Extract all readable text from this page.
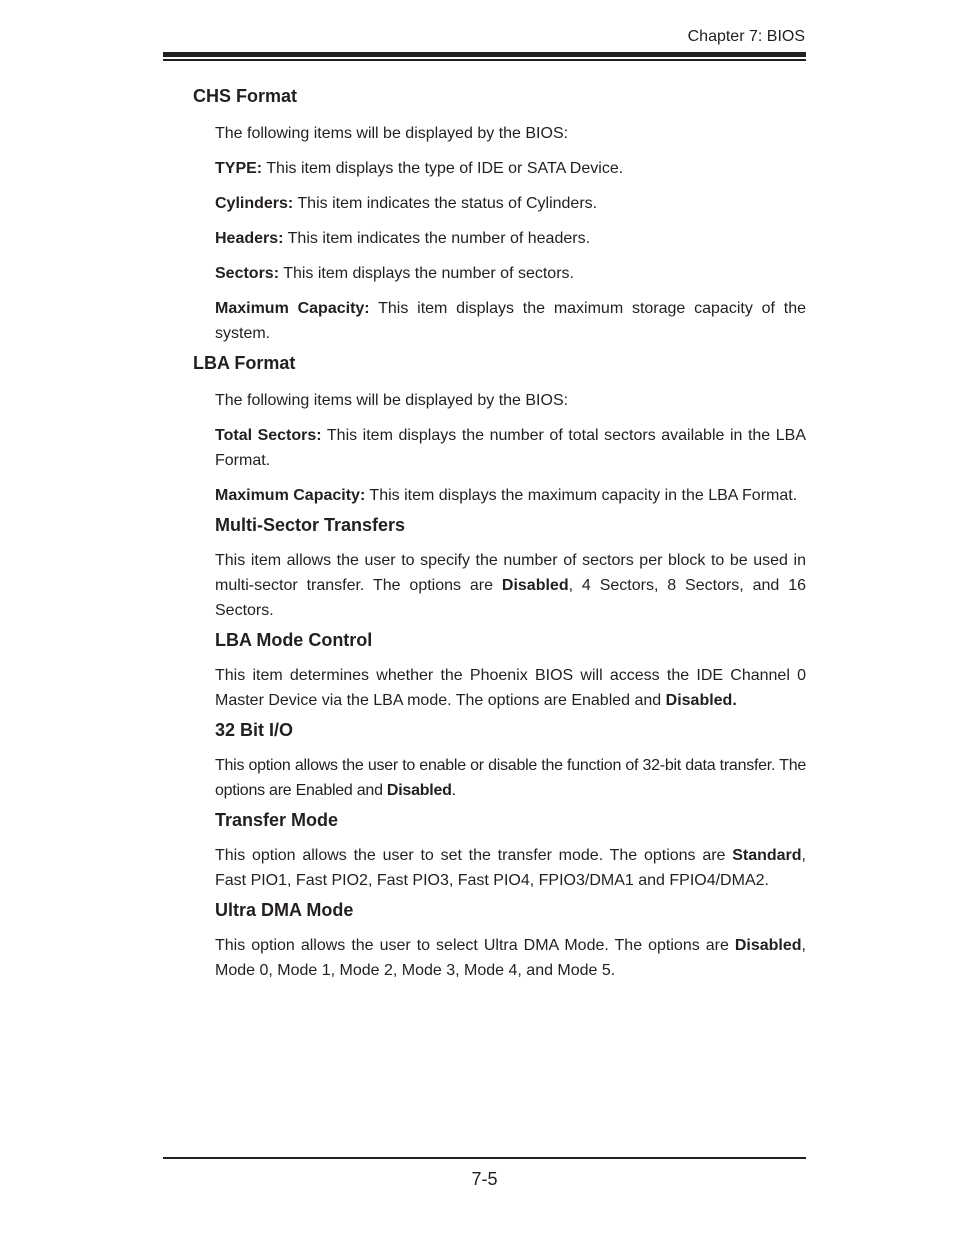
Chapter 7: BIOS
CHS Format

The following items will be displayed by the BIOS:

TYPE: This item displays the type of IDE or SATA Device.

Cylinders: This item indicates the status of Cylinders.

Headers: This item indicates the number of headers.

Sectors: This item displays the number of sectors.

Maximum Capacity: This item displays the maximum storage capacity of the system.

LBA Format

The following items will be displayed by the BIOS:

Total Sectors: This item displays the number of total sectors available in the LBA Format.

Maximum Capacity: This item displays the maximum capacity in the LBA Format.

Multi-Sector Transfers

This item allows the user to specify the number of sectors per block to be used in multi-sector transfer. The options are Disabled, 4 Sectors, 8 Sectors, and 16 Sectors.

LBA Mode Control

This item determines whether the Phoenix BIOS will access the IDE Channel 0 Master Device via the LBA mode. The options are Enabled and Disabled.

32 Bit I/O

This option allows the user to enable or disable the function of 32-bit data transfer. The options are Enabled and Disabled.

Transfer Mode

This option allows the user to set the transfer mode. The options are Standard, Fast PIO1, Fast PIO2, Fast PIO3, Fast PIO4, FPIO3/DMA1 and FPIO4/DMA2.

Ultra DMA Mode

This option allows the user to select Ultra DMA Mode. The options are Disabled, Mode 0, Mode 1, Mode 2, Mode 3, Mode 4, and Mode 5.

7-5
